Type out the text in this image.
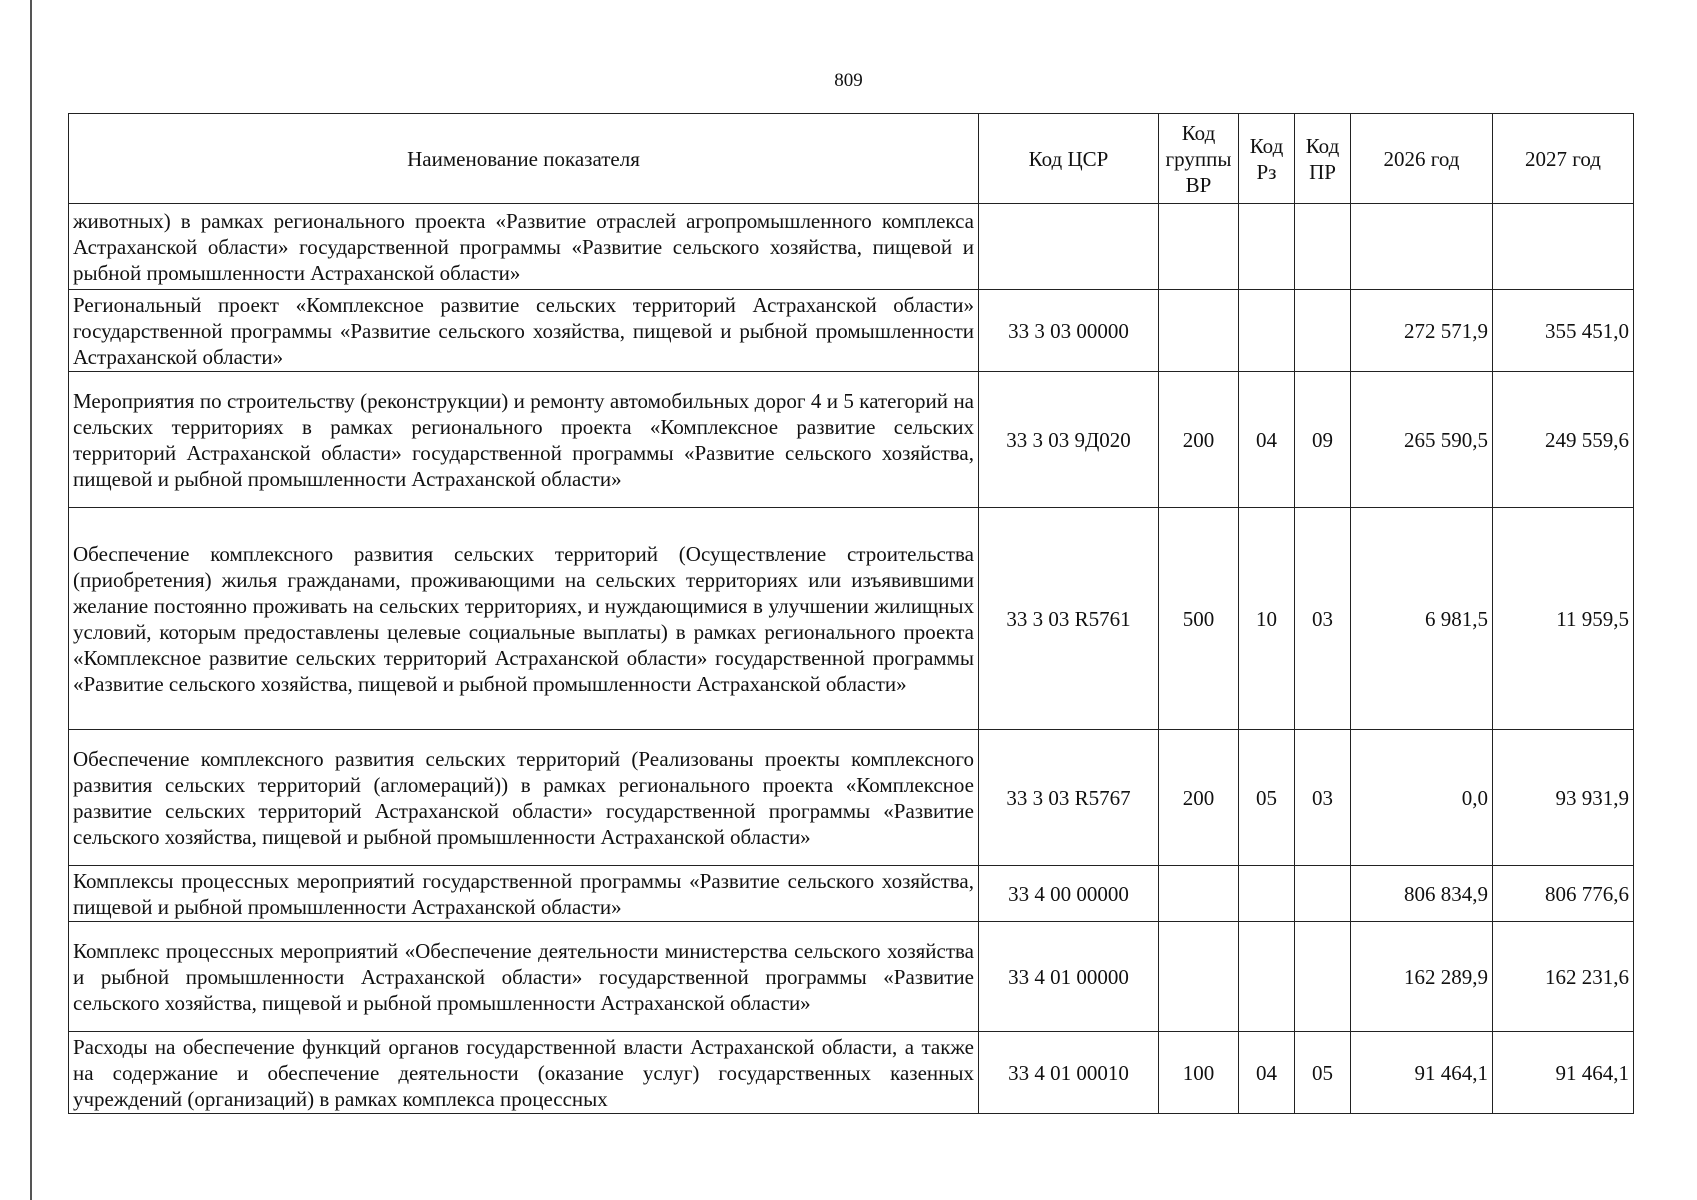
809
Наименование показателя	Код ЦСР	Код группы ВР	Код Рз	Код ПР	2026 год	2027 год
животных) в рамках регионального проекта «Развитие отраслей агропромышленного комплекса Астраханской области» государственной программы «Развитие сельского хозяйства, пищевой и рыбной промышленности Астраханской области»						
Региональный проект «Комплексное развитие сельских территорий Астраханской области» государственной программы «Развитие сельского хозяйства, пищевой и рыбной промышленности Астраханской области»	33 3 03 00000				272 571,9	355 451,0
Мероприятия по строительству (реконструкции) и ремонту автомобильных дорог 4 и 5 категорий на сельских территориях в рамках регионального проекта «Комплексное развитие сельских территорий Астраханской области» государственной программы «Развитие сельского хозяйства, пищевой и рыбной промышленности Астраханской области»	33 3 03 9Д020	200	04	09	265 590,5	249 559,6
Обеспечение комплексного развития сельских территорий (Осуществление строительства (приобретения) жилья гражданами, проживающими на сельских территориях или изъявившими желание постоянно проживать на сельских территориях, и нуждающимися в улучшении жилищных условий, которым предоставлены целевые социальные выплаты) в рамках регионального проекта «Комплексное развитие сельских территорий Астраханской области» государственной программы «Развитие сельского хозяйства, пищевой и рыбной промышленности Астраханской области»	33 3 03 R5761	500	10	03	6 981,5	11 959,5
Обеспечение комплексного развития сельских территорий (Реализованы проекты комплексного развития сельских территорий (агломераций)) в рамках регионального проекта «Комплексное развитие сельских территорий Астраханской области» государственной программы «Развитие сельского хозяйства, пищевой и рыбной промышленности Астраханской области»	33 3 03 R5767	200	05	03	0,0	93 931,9
Комплексы процессных мероприятий государственной программы «Развитие сельского хозяйства, пищевой и рыбной промышленности Астраханской области»	33 4 00 00000				806 834,9	806 776,6
Комплекс процессных мероприятий «Обеспечение деятельности министерства сельского хозяйства и рыбной промышленности Астраханской области» государственной программы «Развитие сельского хозяйства, пищевой и рыбной промышленности Астраханской области»	33 4 01 00000				162 289,9	162 231,6
Расходы на обеспечение функций органов государственной власти Астраханской области, а также на содержание и обеспечение деятельности (оказание услуг) государственных казенных учреждений (организаций) в рамках комплекса процессных	33 4 01 00010	100	04	05	91 464,1	91 464,1
